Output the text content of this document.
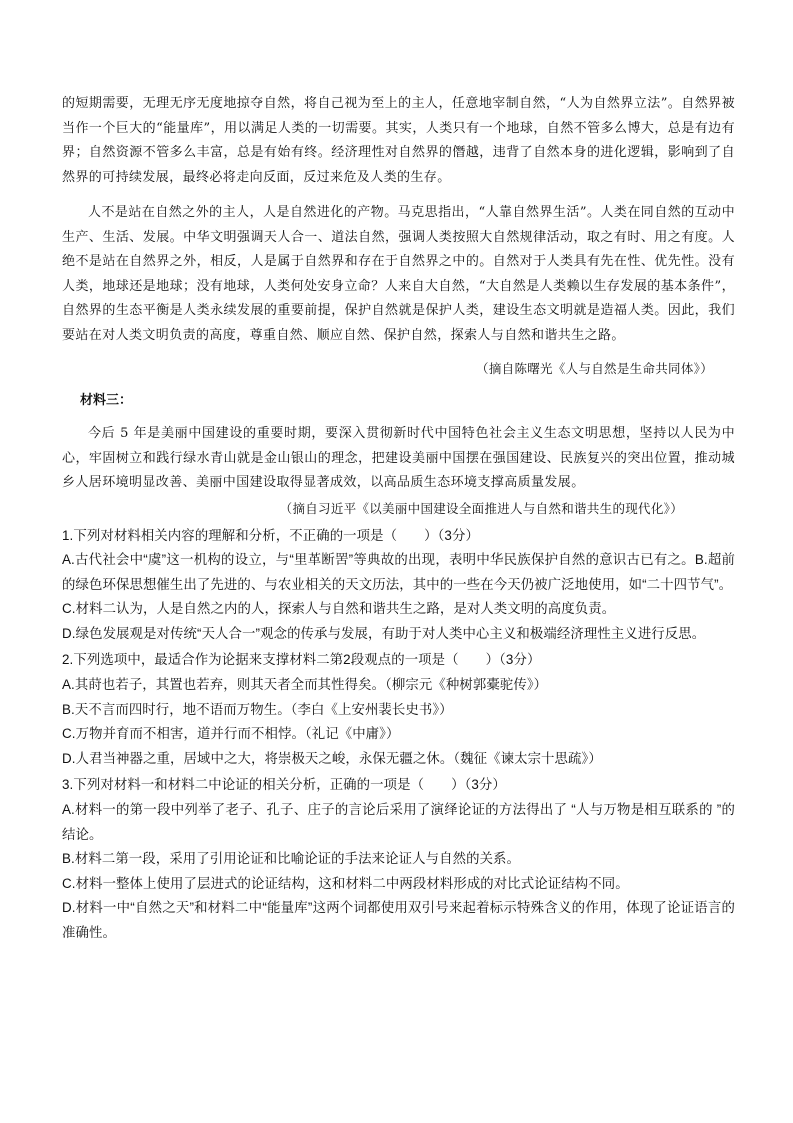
的短期需要，无理无序无度地掠夺自然，将自己视为至上的主人，任意地宰制自然，“人为自然界立法”。自然界被当作一个巨大的“能量库”，用以满足人类的一切需要。其实，人类只有一个地球，自然不管多么博大，总是有边有界；自然资源不管多么丰富，总是有始有终。经济理性对自然界的僭越，违背了自然本身的进化逻辑，影响到了自然界的可持续发展，最终必将走向反面，反过来危及人类的生存。

人不是站在自然之外的主人，人是自然进化的产物。马克思指出，“人靠自然界生活”。人类在同自然的互动中生产、生活、发展。中华文明强调天人合一、道法自然，强调人类按照大自然规律活动，取之有时、用之有度。人绝不是站在自然界之外，相反，人是属于自然界和存在于自然界之中的。自然对于人类具有先在性、优先性。没有人类，地球还是地球；没有地球，人类何处安身立命？人来自大自然，“大自然是人类赖以生存发展的基本条件”，自然界的生态平衡是人类永续发展的重要前提，保护自然就是保护人类，建设生态文明就是造福人类。因此，我们要站在对人类文明负责的高度，尊重自然、顺应自然、保护自然，探索人与自然和谐共生之路。

（摘自陈曙光《人与自然是生命共同体》）
材料三：

今后 5 年是美丽中国建设的重要时期，要深入贯彻新时代中国特色社会主义生态文明思想，坚持以人民为中心，牢固树立和践行绿水青山就是金山银山的理念，把建设美丽中国摆在强国建设、民族复兴的突出位置，推动城乡人居环境明显改善、美丽中国建设取得显著成效，以高品质生态环境支撑高质量发展。

（摘自习近平《以美丽中国建设全面推进人与自然和谐共生的现代化》）

1.下列对材料相关内容的理解和分析，不正确的一项是（　　）（3分）

A.古代社会中“虞”这一机构的设立，与“里革断罟”等典故的出现，表明中华民族保护自然的意识古已有之。B.超前的绿色环保思想催生出了先进的、与农业相关的天文历法，其中的一些在今天仍被广泛地使用，如“二十四节气”。

C.材料二认为，人是自然之内的人，探索人与自然和谐共生之路，是对人类文明的高度负责。

D.绿色发展观是对传统“天人合一”观念的传承与发展，有助于对人类中心主义和极端经济理性主义进行反思。

2.下列选项中，最适合作为论据来支撑材料二第2段观点的一项是（　　）（3分）

A.其莳也若子，其置也若弃，则其天者全而其性得矣。（柳宗元《种树郭橐驼传》）

B.天不言而四时行，地不语而万物生。（李白《上安州裴长史书》）

C.万物并育而不相害，道并行而不相悖。（礼记《中庸》）

D.人君当神器之重，居域中之大，将崇极天之峻，永保无疆之休。（魏征《谏太宗十思疏》）

3.下列对材料一和材料二中论证的相关分析，正确的一项是（　　）（3分）

A.材料一的第一段中列举了老子、孔子、庄子的言论后采用了演绎论证的方法得出了 “人与万物是相互联系的 ”的结论。

B.材料二第一段，采用了引用论证和比喻论证的手法来论证人与自然的关系。

C.材料一整体上使用了层进式的论证结构，这和材料二中两段材料形成的对比式论证结构不同。

D.材料一中“自然之天”和材料二中“能量库”这两个词都使用双引号来起着标示特殊含义的作用，体现了论证语言的准确性。
